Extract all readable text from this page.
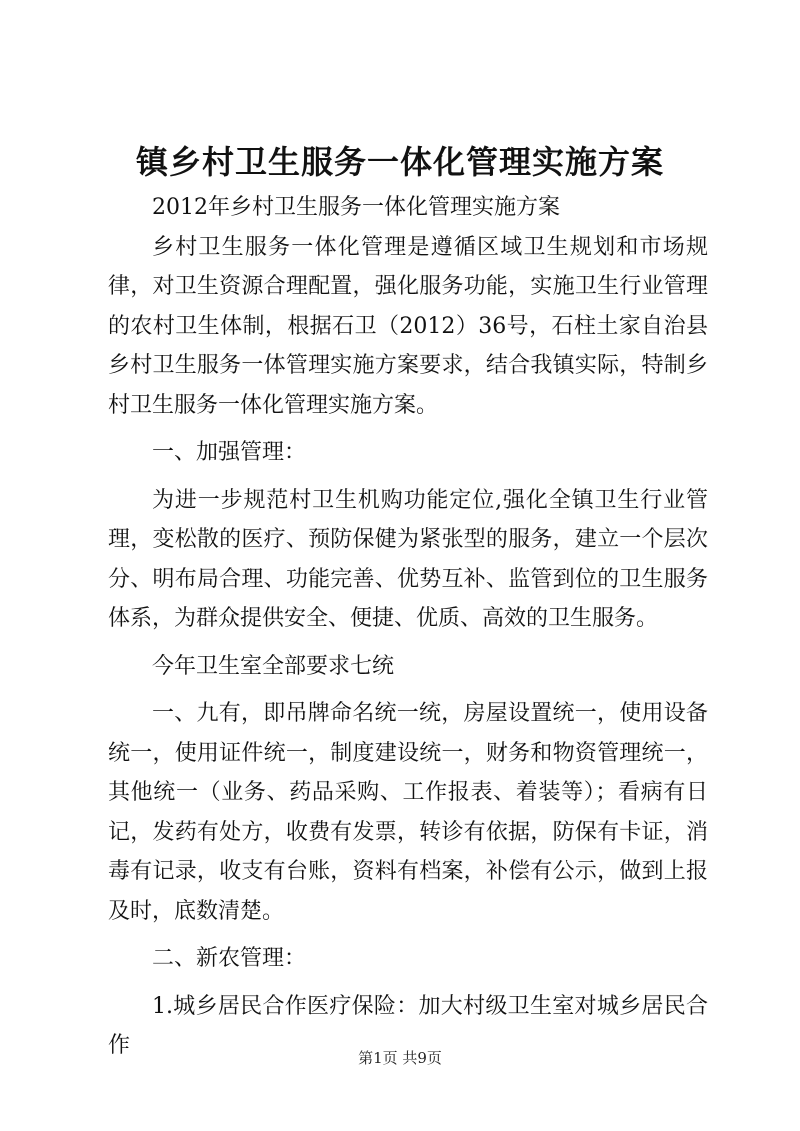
镇乡村卫生服务一体化管理实施方案

2012年乡村卫生服务一体化管理实施方案

乡村卫生服务一体化管理是遵循区域卫生规划和市场规律，对卫生资源合理配置，强化服务功能，实施卫生行业管理的农村卫生体制，根据石卫（2012）36号，石柱土家自治县乡村卫生服务一体管理实施方案要求，结合我镇实际，特制乡村卫生服务一体化管理实施方案。

一、加强管理：

为进一步规范村卫生机购功能定位,强化全镇卫生行业管理，变松散的医疗、预防保健为紧张型的服务，建立一个层次分、明布局合理、功能完善、优势互补、监管到位的卫生服务体系，为群众提供安全、便捷、优质、高效的卫生服务。

今年卫生室全部要求七统

一、九有，即吊牌命名统一统，房屋设置统一，使用设备统一，使用证件统一，制度建设统一，财务和物资管理统一，其他统一（业务、药品采购、工作报表、着装等）；看病有日记，发药有处方，收费有发票，转诊有依据，防保有卡证，消毒有记录，收支有台账，资料有档案，补偿有公示，做到上报及时，底数清楚。

二、新农管理：

1.城乡居民合作医疗保险：加大村级卫生室对城乡居民合作	第1页 共9页
